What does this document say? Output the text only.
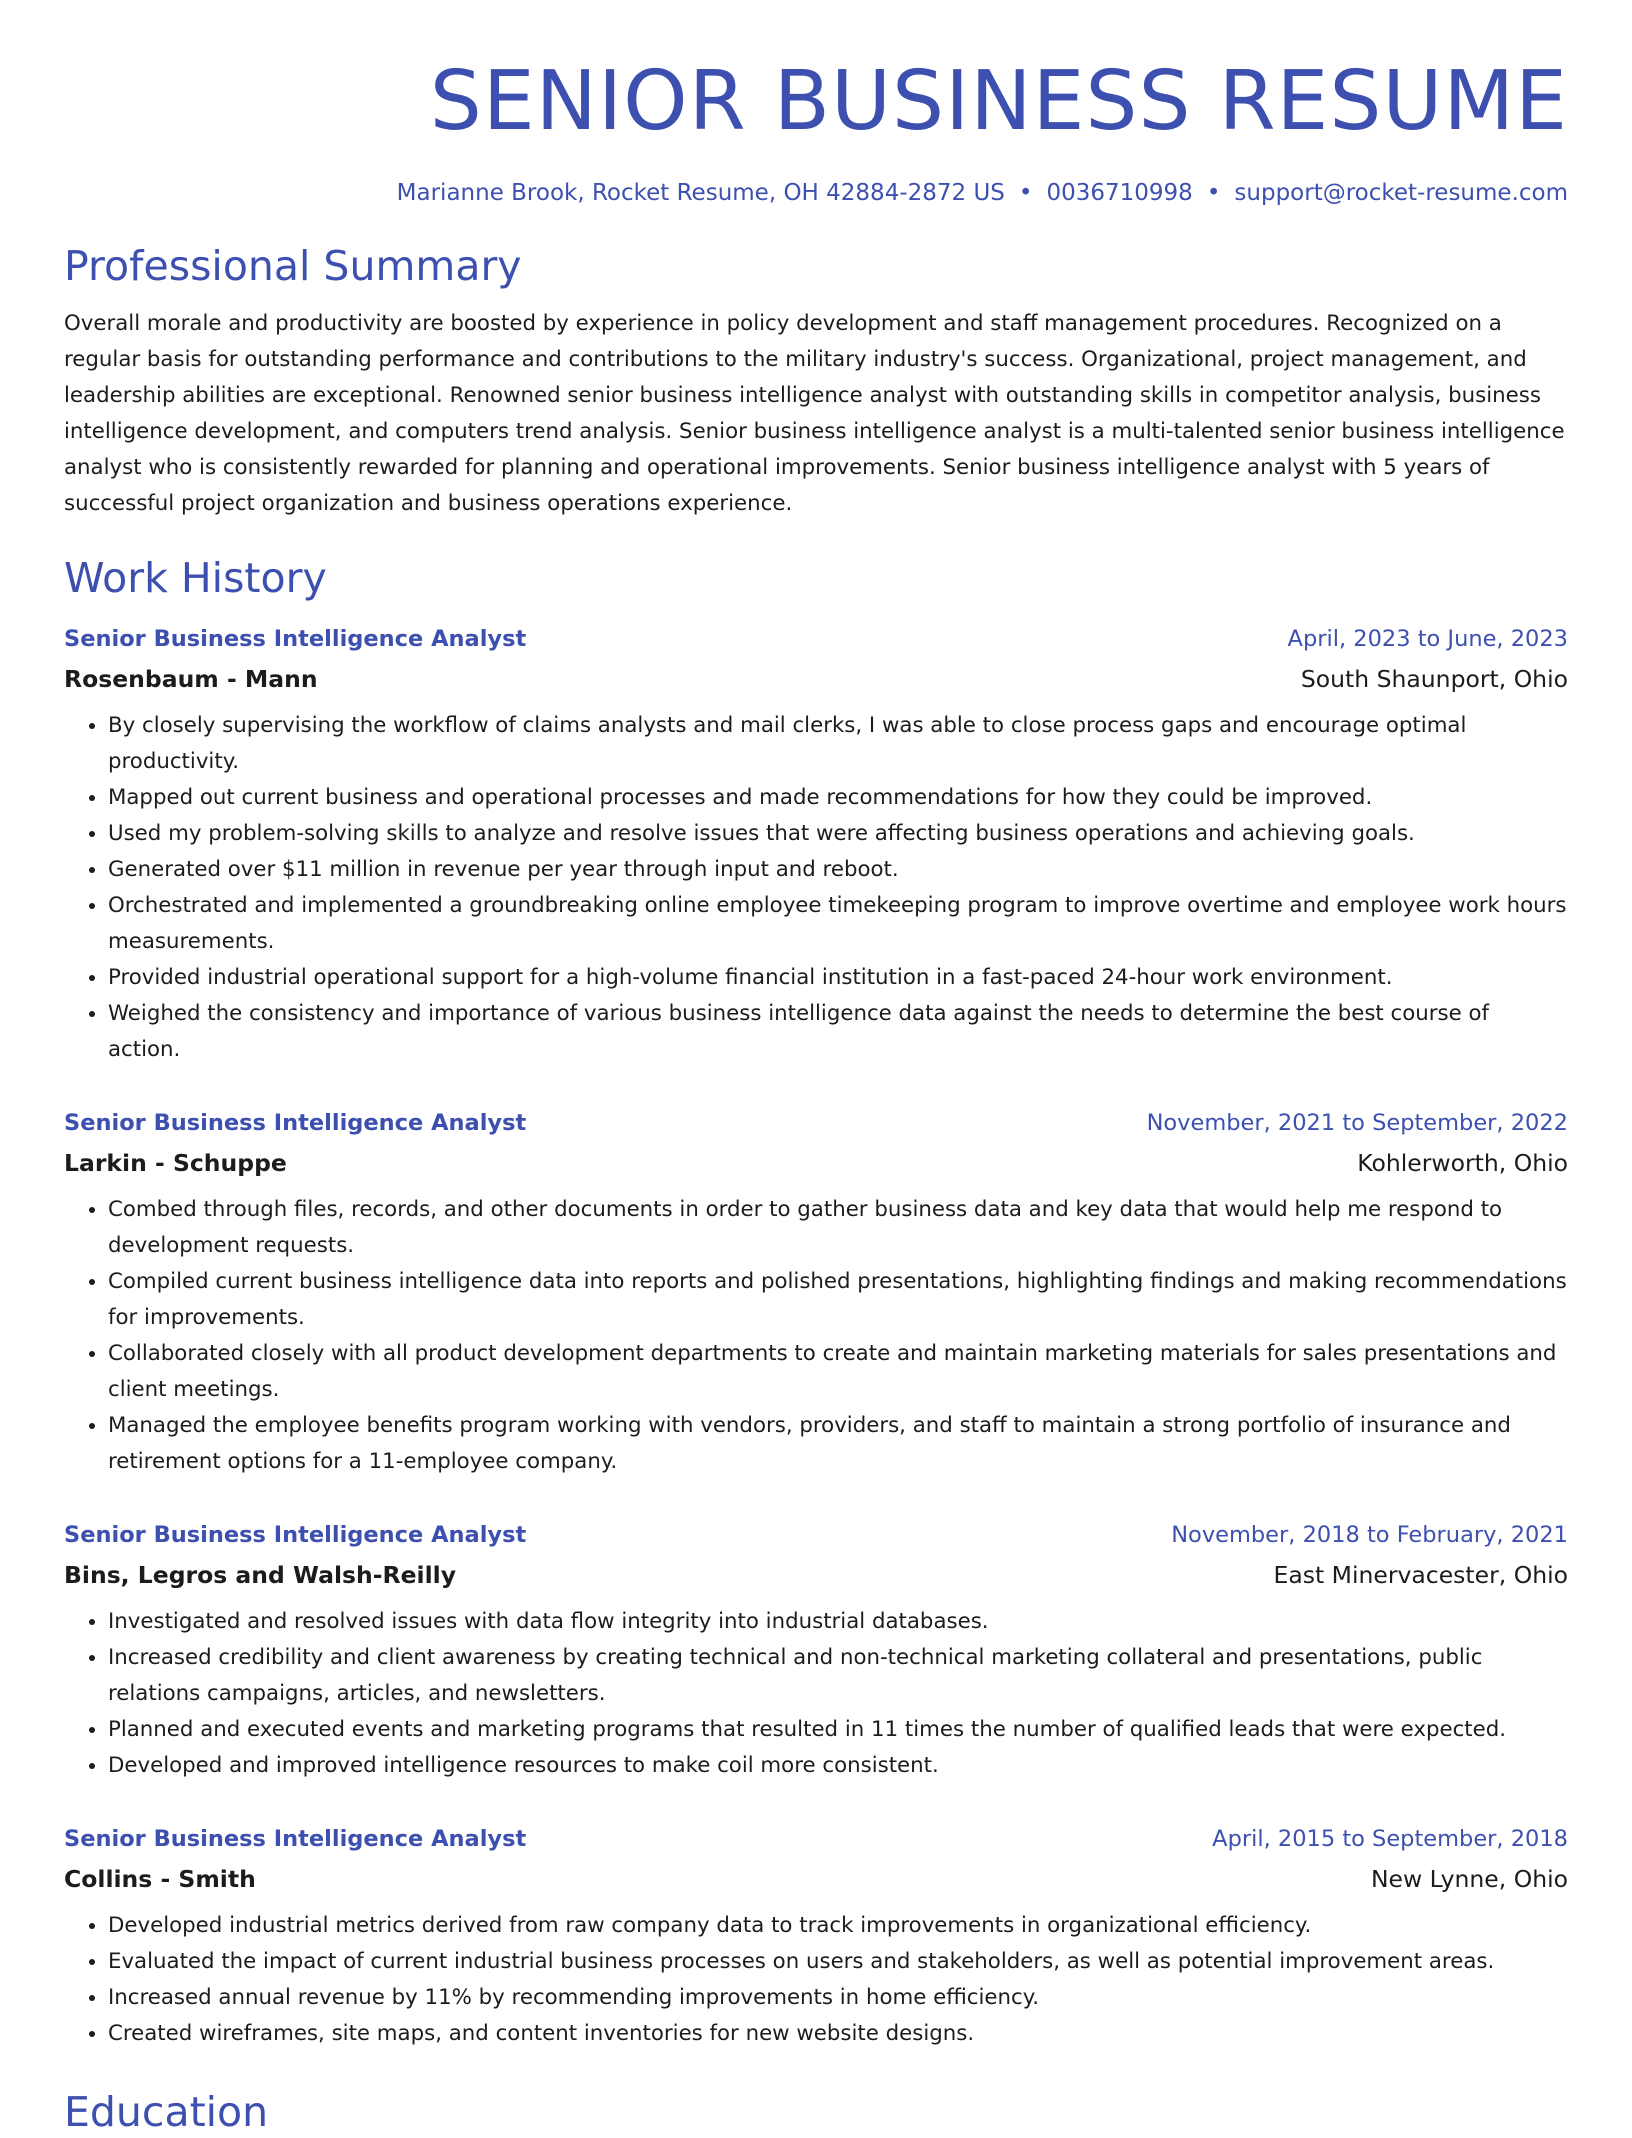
SENIOR BUSINESS RESUME
Marianne Brook, Rocket Resume, OH 42884-2872 US • 0036710998 • support@rocket-resume.com
Professional Summary
Overall morale and productivity are boosted by experience in policy development and staff management procedures. Recognized on a regular basis for outstanding performance and contributions to the military industry's success. Organizational, project management, and leadership abilities are exceptional. Renowned senior business intelligence analyst with outstanding skills in competitor analysis, business intelligence development, and computers trend analysis. Senior business intelligence analyst is a multi-talented senior business intelligence analyst who is consistently rewarded for planning and operational improvements. Senior business intelligence analyst with 5 years of successful project organization and business operations experience.
Work History
Senior Business Intelligence Analyst	April, 2023 to June, 2023
Rosenbaum - Mann	South Shaunport, Ohio
• By closely supervising the workflow of claims analysts and mail clerks, I was able to close process gaps and encourage optimal productivity.
• Mapped out current business and operational processes and made recommendations for how they could be improved.
• Used my problem-solving skills to analyze and resolve issues that were affecting business operations and achieving goals.
• Generated over $11 million in revenue per year through input and reboot.
• Orchestrated and implemented a groundbreaking online employee timekeeping program to improve overtime and employee work hours measurements.
• Provided industrial operational support for a high-volume financial institution in a fast-paced 24-hour work environment.
• Weighed the consistency and importance of various business intelligence data against the needs to determine the best course of action.
Senior Business Intelligence Analyst	November, 2021 to September, 2022
Larkin - Schuppe	Kohlerworth, Ohio
• Combed through files, records, and other documents in order to gather business data and key data that would help me respond to development requests.
• Compiled current business intelligence data into reports and polished presentations, highlighting findings and making recommendations for improvements.
• Collaborated closely with all product development departments to create and maintain marketing materials for sales presentations and client meetings.
• Managed the employee benefits program working with vendors, providers, and staff to maintain a strong portfolio of insurance and retirement options for a 11-employee company.
Senior Business Intelligence Analyst	November, 2018 to February, 2021
Bins, Legros and Walsh-Reilly	East Minervacester, Ohio
• Investigated and resolved issues with data flow integrity into industrial databases.
• Increased credibility and client awareness by creating technical and non-technical marketing collateral and presentations, public relations campaigns, articles, and newsletters.
• Planned and executed events and marketing programs that resulted in 11 times the number of qualified leads that were expected.
• Developed and improved intelligence resources to make coil more consistent.
Senior Business Intelligence Analyst	April, 2015 to September, 2018
Collins - Smith	New Lynne, Ohio
• Developed industrial metrics derived from raw company data to track improvements in organizational efficiency.
• Evaluated the impact of current industrial business processes on users and stakeholders, as well as potential improvement areas.
• Increased annual revenue by 11% by recommending improvements in home efficiency.
• Created wireframes, site maps, and content inventories for new website designs.
Education
